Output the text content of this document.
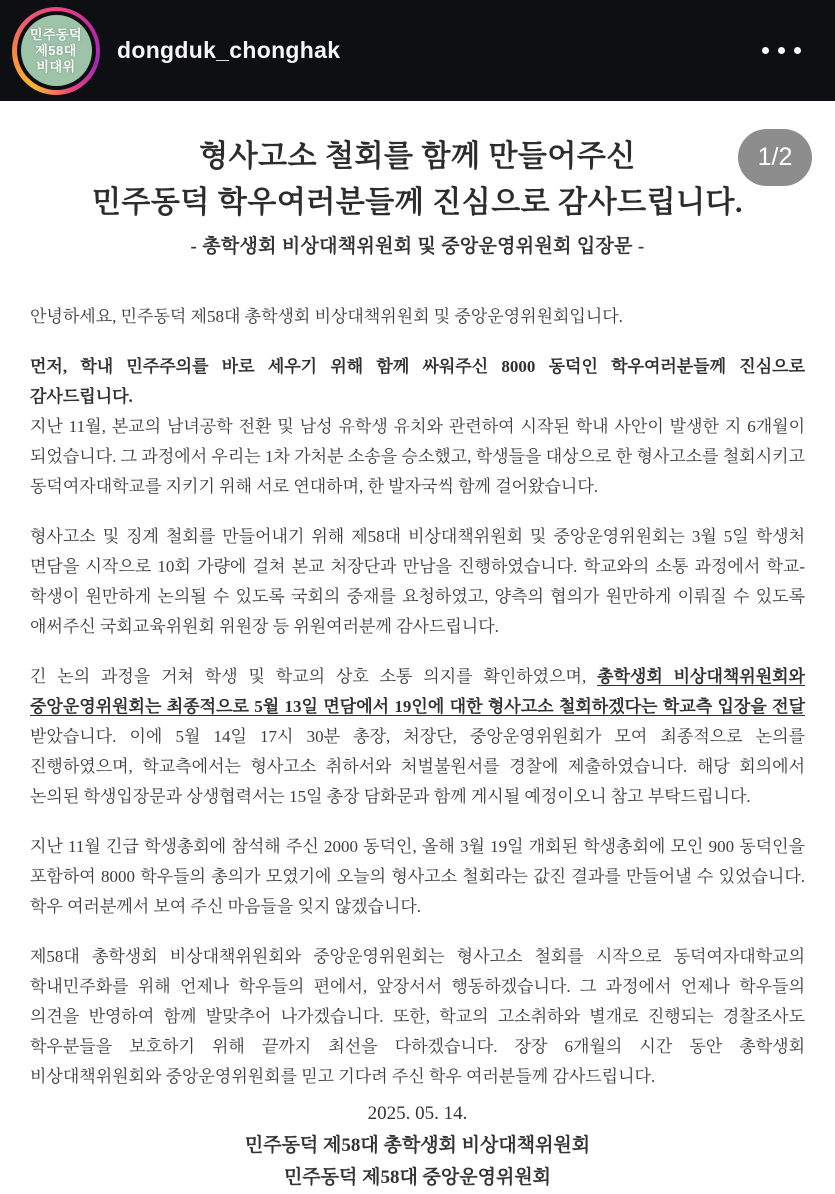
민주동덕
제58대
비대위
dongduk_chonghak
1/2
형사고소 철회를 함께 만들어주신
민주동덕 학우여러분들께 진심으로 감사드립니다.
- 총학생회 비상대책위원회 및 중앙운영위원회 입장문 -

안녕하세요, 민주동덕 제58대 총학생회 비상대책위원회 및 중앙운영위원회입니다.

먼저, 학내 민주주의를 바로 세우기 위해 함께 싸워주신 8000 동덕인 학우여러분들께 진심으로 감사드립니다.
지난 11월, 본교의 남녀공학 전환 및 남성 유학생 유치와 관련하여 시작된 학내 사안이 발생한 지 6개월이 되었습니다. 그 과정에서 우리는 1차 가처분 소송을 승소했고, 학생들을 대상으로 한 형사고소를 철회시키고 동덕여자대학교를 지키기 위해 서로 연대하며, 한 발자국씩 함께 걸어왔습니다.

형사고소 및 징계 철회를 만들어내기 위해 제58대 비상대책위원회 및 중앙운영위원회는 3월 5일 학생처 면담을 시작으로 10회 가량에 걸쳐 본교 처장단과 만남을 진행하였습니다. 학교와의 소통 과정에서 학교-학생이 원만하게 논의될 수 있도록 국회의 중재를 요청하였고, 양측의 협의가 원만하게 이뤄질 수 있도록 애써주신 국회교육위원회 위원장 등 위원여러분께 감사드립니다.

긴 논의 과정을 거쳐 학생 및 학교의 상호 소통 의지를 확인하였으며, 총학생회 비상대책위원회와 중앙운영위원회는 최종적으로 5월 13일 면담에서 19인에 대한 형사고소 철회하겠다는 학교측 입장을 전달 받았습니다. 이에 5월 14일 17시 30분 총장, 처장단, 중앙운영위원회가 모여 최종적으로 논의를 진행하였으며, 학교측에서는 형사고소 취하서와 처벌불원서를 경찰에 제출하였습니다. 해당 회의에서 논의된 학생입장문과 상생협력서는 15일 총장 담화문과 함께 게시될 예정이오니 참고 부탁드립니다.

지난 11월 긴급 학생총회에 참석해 주신 2000 동덕인, 올해 3월 19일 개회된 학생총회에 모인 900 동덕인을 포함하여 8000 학우들의 총의가 모였기에 오늘의 형사고소 철회라는 값진 결과를 만들어낼 수 있었습니다. 학우 여러분께서 보여 주신 마음들을 잊지 않겠습니다.

제58대 총학생회 비상대책위원회와 중앙운영위원회는 형사고소 철회를 시작으로 동덕여자대학교의 학내민주화를 위해 언제나 학우들의 편에서, 앞장서서 행동하겠습니다. 그 과정에서 언제나 학우들의 의견을 반영하여 함께 발맞추어 나가겠습니다. 또한, 학교의 고소취하와 별개로 진행되는 경찰조사도 학우분들을 보호하기 위해 끝까지 최선을 다하겠습니다. 장장 6개월의 시간 동안 총학생회 비상대책위원회와 중앙운영위원회를 믿고 기다려 주신 학우 여러분들께 감사드립니다.

2025. 05. 14.
민주동덕 제58대 총학생회 비상대책위원회
민주동덕 제58대 중앙운영위원회
